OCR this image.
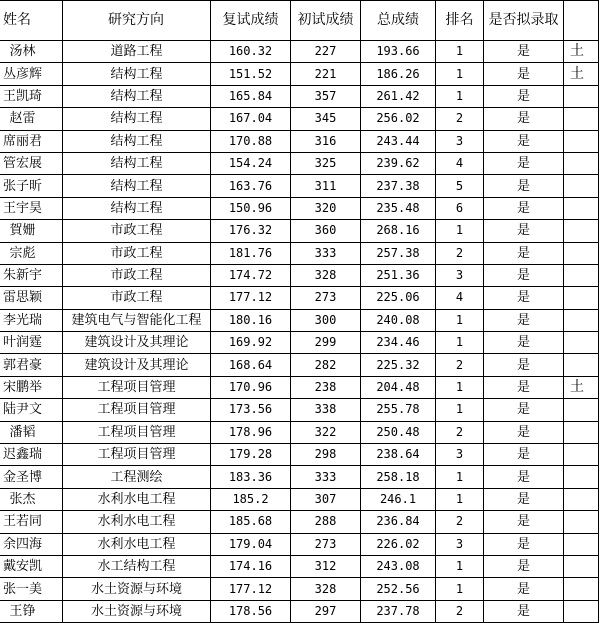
姓名	研究方向	复试成绩	初试成绩	总成绩	排名	是否拟录取	
汤林	道路工程	160.32	227	193.66	1	是	土
丛彦辉	结构工程	151.52	221	186.26	1	是	土
王凯琦	结构工程	165.84	357	261.42	1	是	
赵雷	结构工程	167.04	345	256.02	2	是	
席丽君	结构工程	170.88	316	243.44	3	是	
管宏展	结构工程	154.24	325	239.62	4	是	
张子昕	结构工程	163.76	311	237.38	5	是	
王宇昊	结构工程	150.96	320	235.48	6	是	
賀姗	市政工程	176.32	360	268.16	1	是	
宗彪	市政工程	181.76	333	257.38	2	是	
朱新宇	市政工程	174.72	328	251.36	3	是	
雷思颖	市政工程	177.12	273	225.06	4	是	
李光瑞	建筑电气与智能化工程	180.16	300	240.08	1	是	
叶润霆	建筑设计及其理论	169.92	299	234.46	1	是	
郭君豪	建筑设计及其理论	168.64	282	225.32	2	是	
宋鹏举	工程项目管理	170.96	238	204.48	1	是	土
陆尹文	工程项目管理	173.56	338	255.78	1	是	
潘韬	工程项目管理	178.96	322	250.48	2	是	
迟鑫瑞	工程项目管理	179.28	298	238.64	3	是	
金圣博	工程测绘	183.36	333	258.18	1	是	
张杰	水利水电工程	185.2	307	246.1	1	是	
王若同	水利水电工程	185.68	288	236.84	2	是	
余四海	水利水电工程	179.04	273	226.02	3	是	
戴安凯	水工结构工程	174.16	312	243.08	1	是	
张一美	水土资源与环境	177.12	328	252.56	1	是	
王铮	水土资源与环境	178.56	297	237.78	2	是	
